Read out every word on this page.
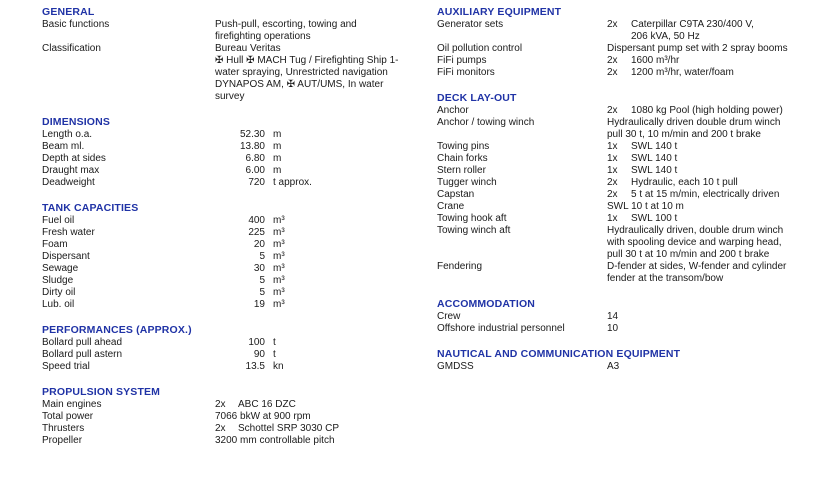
GENERAL
Basic functions	Push-pull, escorting, towing and
firefighting operations
Classification	Bureau Veritas
✠ Hull ✠ MACH Tug / Firefighting Ship 1-
water spraying, Unrestricted navigation
DYNAPOS AM, ✠ AUT/UMS, In water
survey
DIMENSIONS
Length o.a.	52.30 m
Beam ml.	13.80 m
Depth at sides	6.80 m
Draught max	6.00 m
Deadweight	720 t approx.
TANK CAPACITIES
Fuel oil	400 m³
Fresh water	225 m³
Foam	20 m³
Dispersant	5 m³
Sewage	30 m³
Sludge	5 m³
Dirty oil	5 m³
Lub. oil	19 m³
PERFORMANCES (APPROX.)
Bollard pull ahead	100 t
Bollard pull astern	90 t
Speed trial	13.5 kn
PROPULSION SYSTEM
Main engines	2x	ABC 16 DZC
Total power	7066 bkW at 900 rpm
Thrusters	2x	Schottel SRP 3030 CP
Propeller	3200 mm controllable pitch
AUXILIARY EQUIPMENT
Generator sets	2x	Caterpillar C9TA 230/400 V,
206 kVA, 50 Hz
Oil pollution control	Dispersant pump set with 2 spray booms
FiFi pumps	2x	1600 m³/hr
FiFi monitors	2x	1200 m³/hr, water/foam
DECK LAY-OUT
Anchor	2x	1080 kg Pool (high holding power)
Anchor / towing winch	Hydraulically driven double drum winch
pull 30 t, 10 m/min and 200 t brake
Towing pins	1x	SWL 140 t
Chain forks	1x	SWL 140 t
Stern roller	1x	SWL 140 t
Tugger winch	2x	Hydraulic, each 10 t pull
Capstan	2x	5 t at 15 m/min, electrically driven
Crane	SWL 10 t at 10 m
Towing hook aft	1x	SWL 100 t
Towing winch aft	Hydraulically driven, double drum winch
with spooling device and warping head,
pull 30 t at 10 m/min and 200 t brake
Fendering	D-fender at sides, W-fender and cylinder
fender at the transom/bow
ACCOMMODATION
Crew	14
Offshore industrial personnel	10
NAUTICAL AND COMMUNICATION EQUIPMENT
GMDSS	A3
